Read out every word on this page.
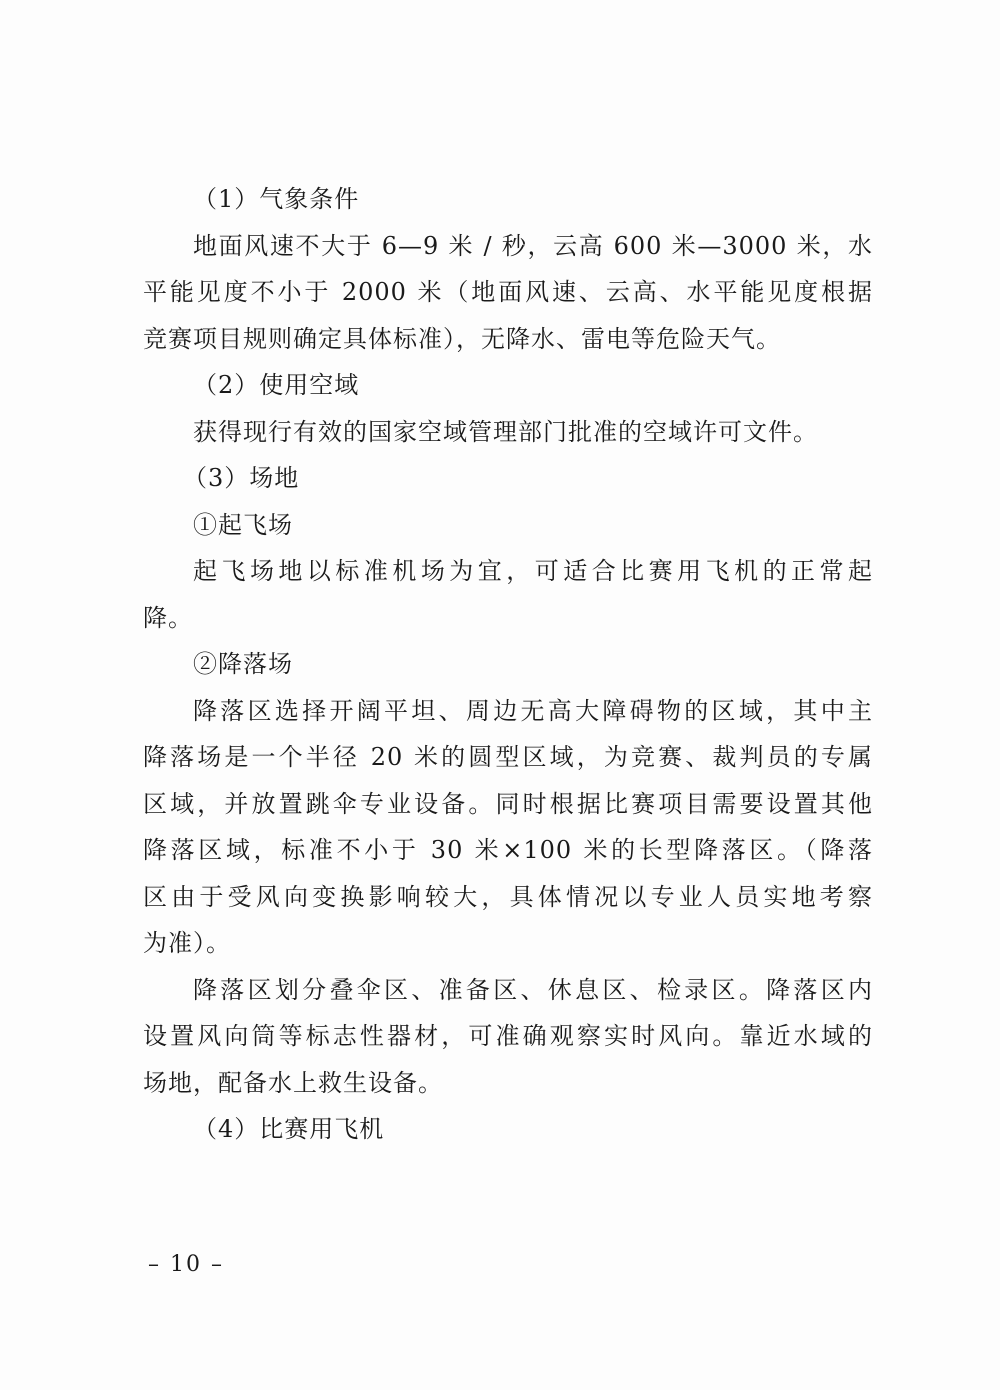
（1）气象条件
地面风速不大于 6—9 米 / 秒，云高 600 米—3000 米，水
平能见度不小于 2000 米（地面风速、云高、水平能见度根据
竞赛项目规则确定具体标准），无降水、雷电等危险天气。
（2）使用空域
获得现行有效的国家空域管理部门批准的空域许可文件。
（3）场地
①起飞场
起飞场地以标准机场为宜，可适合比赛用飞机的正常起
降。
②降落场
降落区选择开阔平坦、周边无高大障碍物的区域，其中主
降落场是一个半径 20 米的圆型区域，为竞赛、裁判员的专属
区域，并放置跳伞专业设备。同时根据比赛项目需要设置其他
降落区域，标准不小于 30 米×100 米的长型降落区。（降落
区由于受风向变换影响较大，具体情况以专业人员实地考察
为准）。
降落区划分叠伞区、准备区、休息区、检录区。降落区内
设置风向筒等标志性器材，可准确观察实时风向。靠近水域的
场地，配备水上救生设备。
（4）比赛用飞机
– 10 –
